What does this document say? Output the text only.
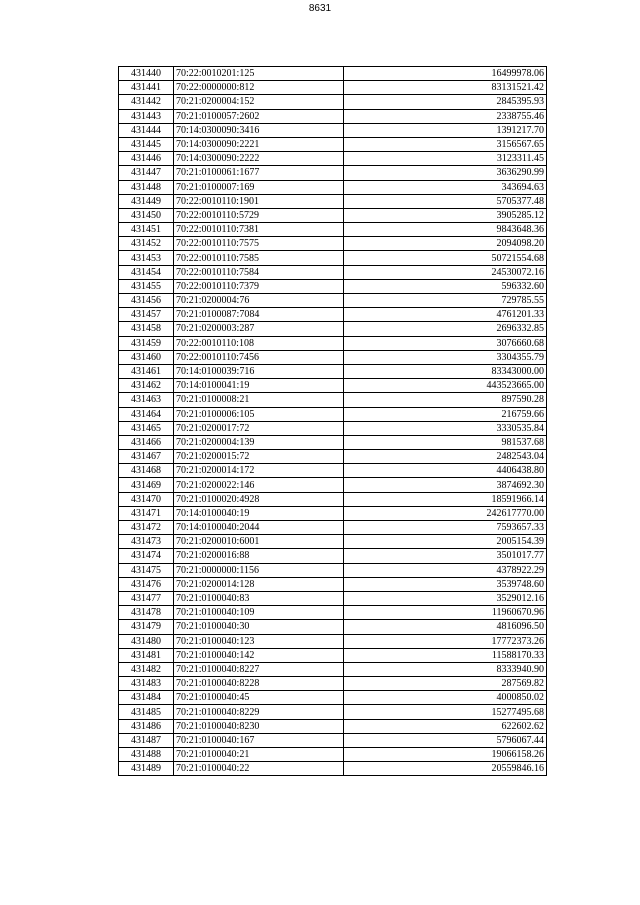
8631
431440	70:22:0010201:125	16499978.06
431441	70:22:0000000:812	83131521.42
431442	70:21:0200004:152	2845395.93
431443	70:21:0100057:2602	2338755.46
431444	70:14:0300090:3416	1391217.70
431445	70:14:0300090:2221	3156567.65
431446	70:14:0300090:2222	3123311.45
431447	70:21:0100061:1677	3636290.99
431448	70:21:0100007:169	343694.63
431449	70:22:0010110:1901	5705377.48
431450	70:22:0010110:5729	3905285.12
431451	70:22:0010110:7381	9843648.36
431452	70:22:0010110:7575	2094098.20
431453	70:22:0010110:7585	50721554.68
431454	70:22:0010110:7584	24530072.16
431455	70:22:0010110:7379	596332.60
431456	70:21:0200004:76	729785.55
431457	70:21:0100087:7084	4761201.33
431458	70:21:0200003:287	2696332.85
431459	70:22:0010110:108	3076660.68
431460	70:22:0010110:7456	3304355.79
431461	70:14:0100039:716	83343000.00
431462	70:14:0100041:19	443523665.00
431463	70:21:0100008:21	897590.28
431464	70:21:0100006:105	216759.66
431465	70:21:0200017:72	3330535.84
431466	70:21:0200004:139	981537.68
431467	70:21:0200015:72	2482543.04
431468	70:21:0200014:172	4406438.80
431469	70:21:0200022:146	3874692.30
431470	70:21:0100020:4928	18591966.14
431471	70:14:0100040:19	242617770.00
431472	70:14:0100040:2044	7593657.33
431473	70:21:0200010:6001	2005154.39
431474	70:21:0200016:88	3501017.77
431475	70:21:0000000:1156	4378922.29
431476	70:21:0200014:128	3539748.60
431477	70:21:0100040:83	3529012.16
431478	70:21:0100040:109	11960670.96
431479	70:21:0100040:30	4816096.50
431480	70:21:0100040:123	17772373.26
431481	70:21:0100040:142	11588170.33
431482	70:21:0100040:8227	8333940.90
431483	70:21:0100040:8228	287569.82
431484	70:21:0100040:45	4000850.02
431485	70:21:0100040:8229	15277495.68
431486	70:21:0100040:8230	622602.62
431487	70:21:0100040:167	5796067.44
431488	70:21:0100040:21	19066158.26
431489	70:21:0100040:22	20559846.16
